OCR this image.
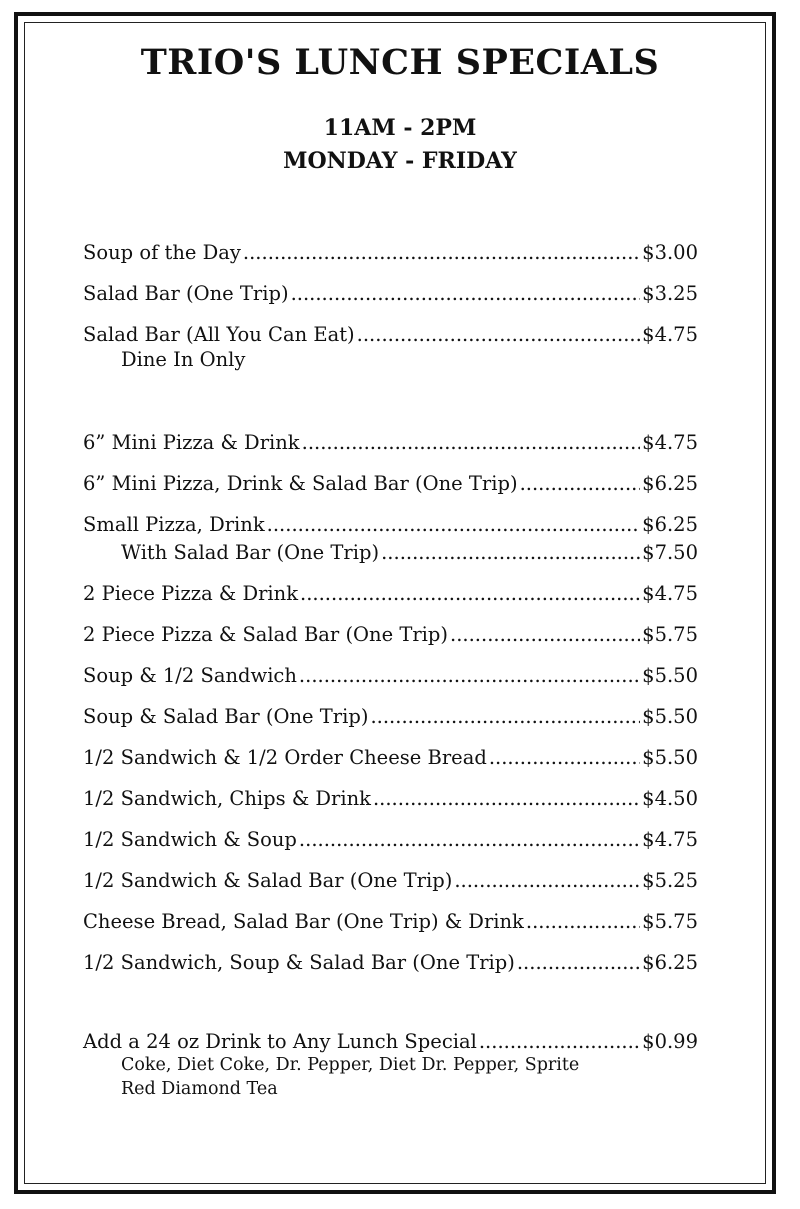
TRIO'S LUNCH SPECIALS
11AM - 2PM
MONDAY - FRIDAY
Soup of the Day .....	$3.00
Salad Bar (One Trip) .....	$3.25
Salad Bar (All You Can Eat) .....	$4.75
Dine In Only
6” Mini Pizza & Drink .....	$4.75
6” Mini Pizza, Drink & Salad Bar (One Trip) .....	$6.25
Small Pizza, Drink .....	$6.25
With Salad Bar (One Trip) .....	$7.50
2 Piece Pizza & Drink .....	$4.75
2 Piece Pizza & Salad Bar (One Trip) .....	$5.75
Soup & 1/2 Sandwich .....	$5.50
Soup & Salad Bar (One Trip) .....	$5.50
1/2 Sandwich & 1/2 Order Cheese Bread .....	$5.50
1/2 Sandwich, Chips & Drink .....	$4.50
1/2 Sandwich & Soup .....	$4.75
1/2 Sandwich & Salad Bar (One Trip) .....	$5.25
Cheese Bread, Salad Bar (One Trip) & Drink .....	$5.75
1/2 Sandwich, Soup & Salad Bar (One Trip) .....	$6.25
Add a 24 oz Drink to Any Lunch Special .....	$0.99
Coke, Diet Coke, Dr. Pepper, Diet Dr. Pepper, Sprite
Red Diamond Tea
